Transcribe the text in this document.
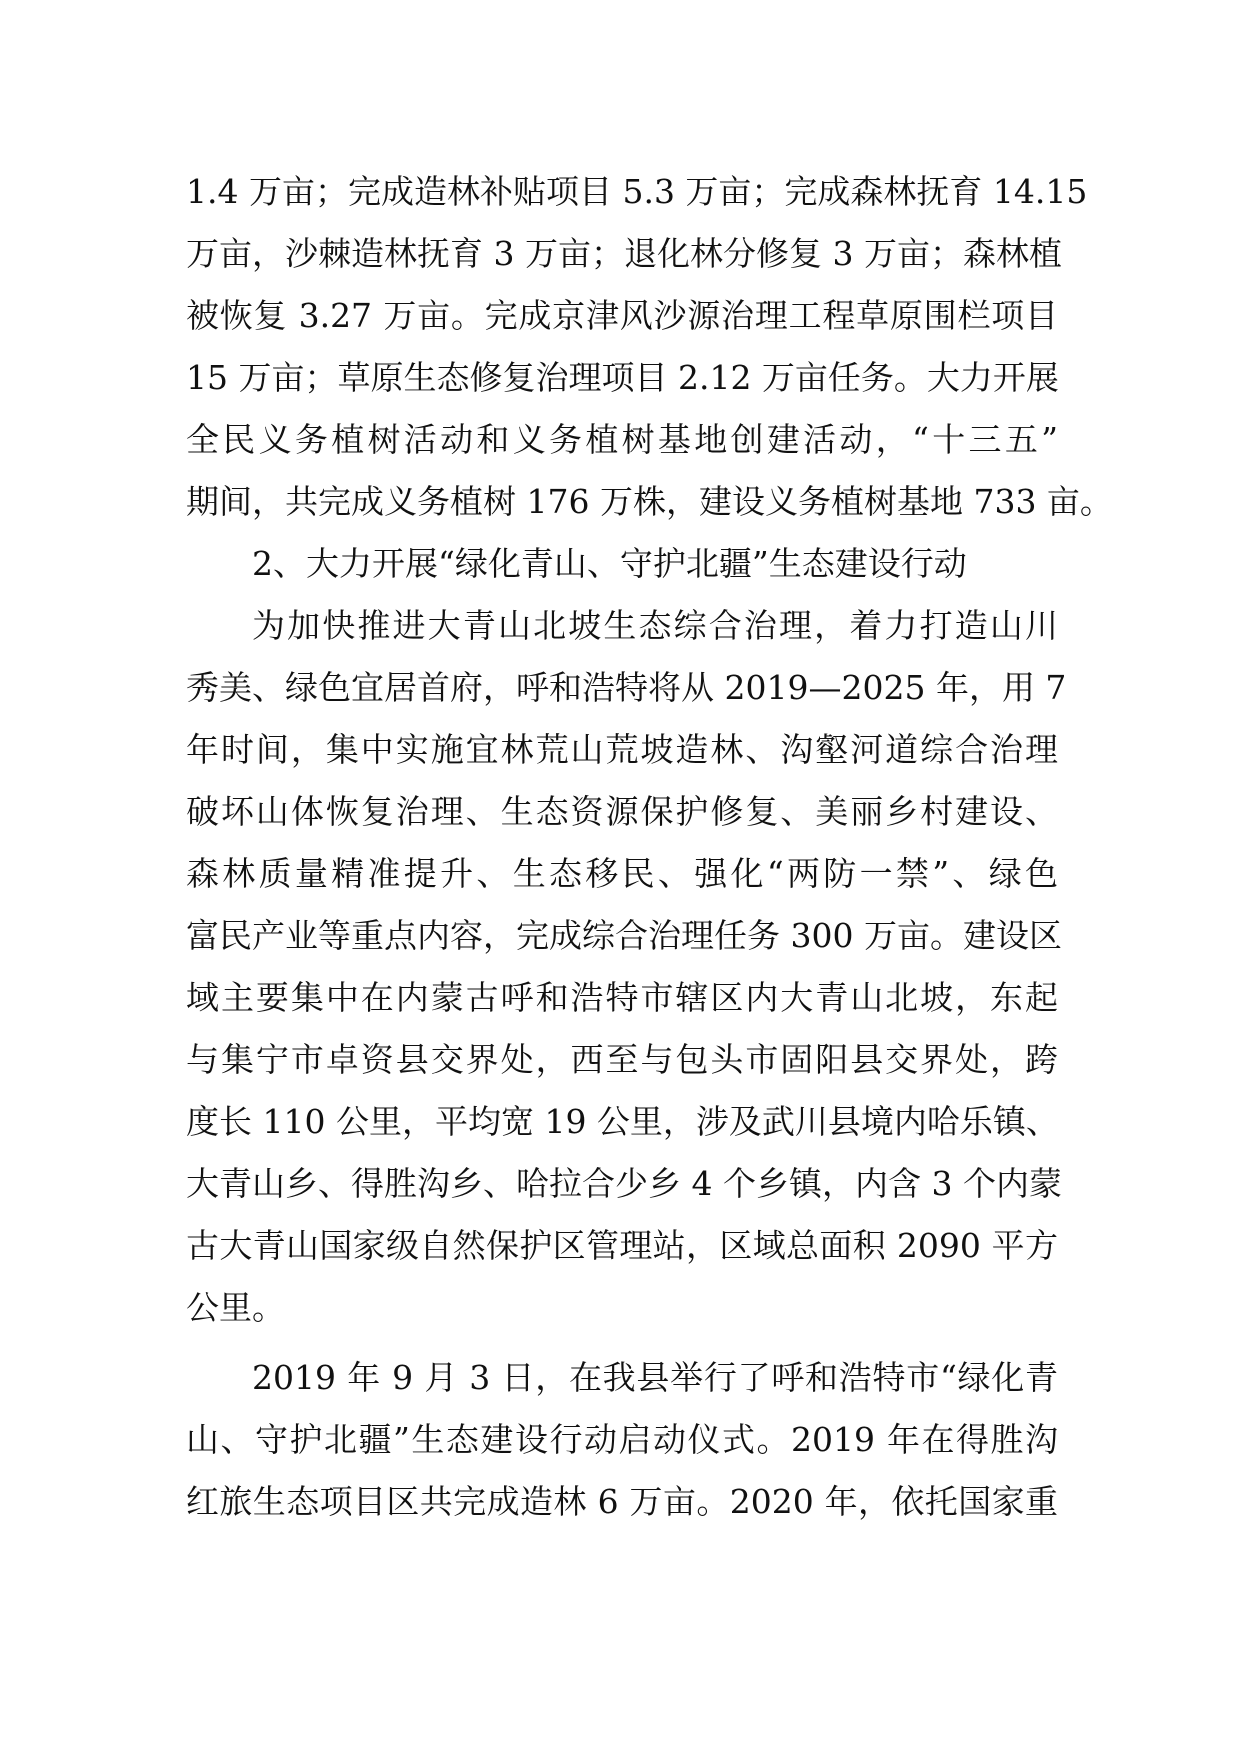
1.4 万亩；完成造林补贴项目 5.3 万亩；完成森林抚育 14.15
万亩，沙棘造林抚育 3 万亩；退化林分修复 3 万亩；森林植
被恢复 3.27 万亩。完成京津风沙源治理工程草原围栏项目
15 万亩；草原生态修复治理项目 2.12 万亩任务。大力开展
全民义务植树活动和义务植树基地创建活动，“十三五”
期间，共完成义务植树 176 万株，建设义务植树基地 733 亩。
2、大力开展“绿化青山、守护北疆”生态建设行动
为加快推进大青山北坡生态综合治理，着力打造山川
秀美、绿色宜居首府，呼和浩特将从 2019—2025 年，用 7
年时间，集中实施宜林荒山荒坡造林、沟壑河道综合治理
破坏山体恢复治理、生态资源保护修复、美丽乡村建设、
森林质量精准提升、生态移民、强化“两防一禁”、绿色
富民产业等重点内容，完成综合治理任务 300 万亩。建设区
域主要集中在内蒙古呼和浩特市辖区内大青山北坡，东起
与集宁市卓资县交界处，西至与包头市固阳县交界处，跨
度长 110 公里，平均宽 19 公里，涉及武川县境内哈乐镇、
大青山乡、得胜沟乡、哈拉合少乡 4 个乡镇，内含 3 个内蒙
古大青山国家级自然保护区管理站，区域总面积 2090 平方
公里。
2019 年 9 月 3 日，在我县举行了呼和浩特市“绿化青
山、守护北疆”生态建设行动启动仪式。2019 年在得胜沟
红旅生态项目区共完成造林 6 万亩。2020 年，依托国家重
